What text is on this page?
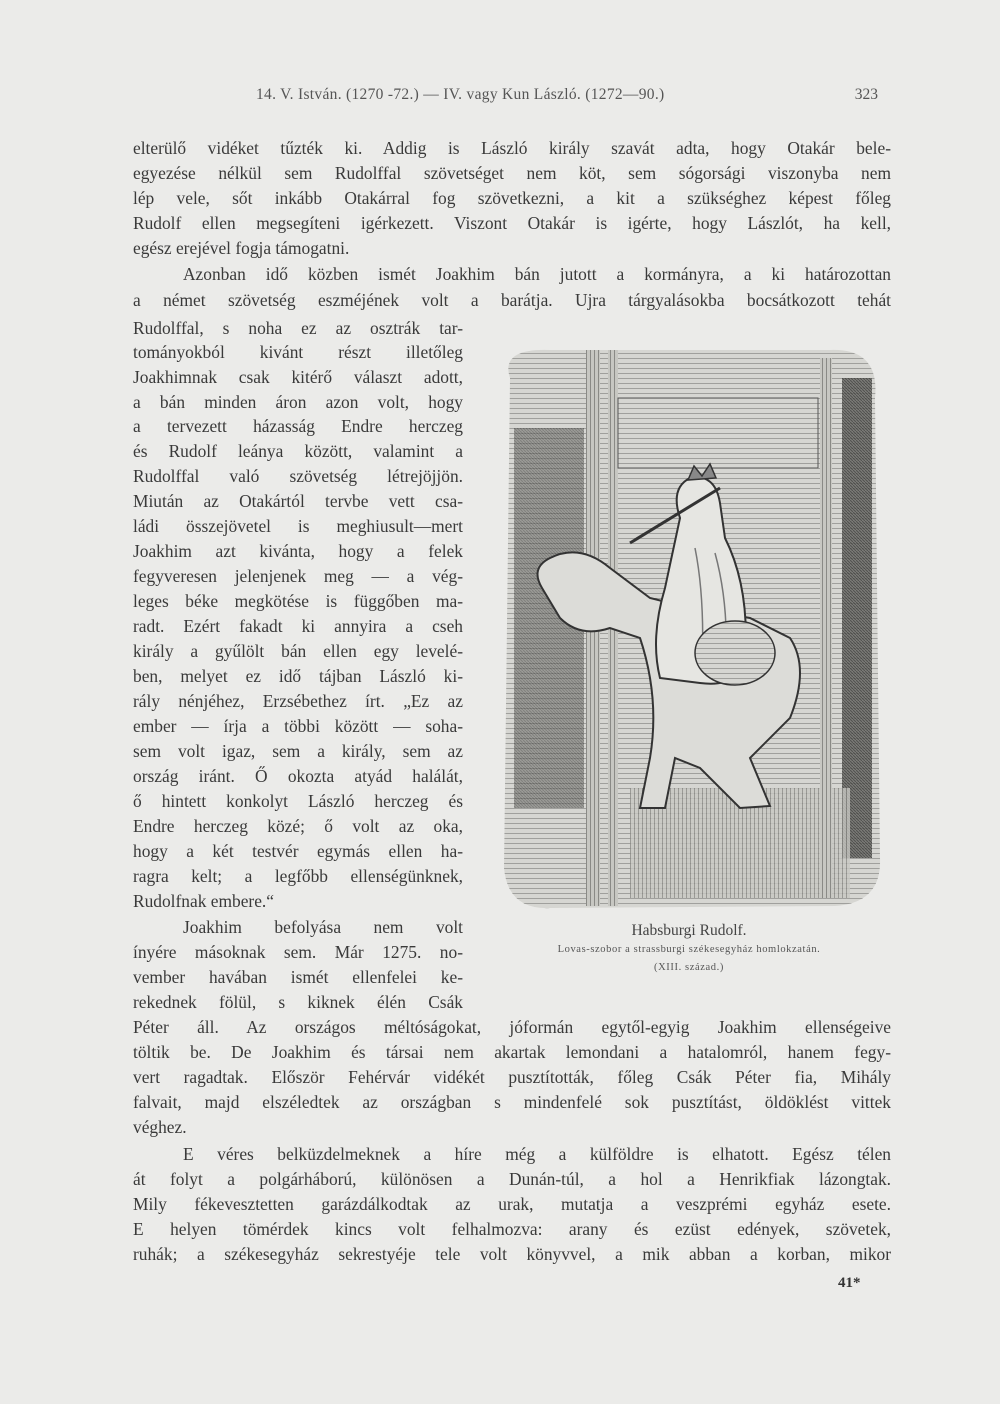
14. V. István. (1270 -72.) — IV. vagy Kun László. (1272—90.)	323
elterülő vidéket tűzték ki. Addig is László király szavát adta, hogy Otakár bele-
egyezése nélkül sem Rudolffal szövetséget nem köt, sem sógorsági viszonyba nem
lép vele, sőt inkább Otakárral fog szövetkezni, a kit a szükséghez képest főleg
Rudolf ellen megsegíteni igérkezett. Viszont Otakár is igérte, hogy Lászlót, ha kell,
egész erejével fogja támogatni.
Azonban idő közben ismét Joakhim bán jutott a kormányra, a ki határozottan
a német szövetség eszméjének volt a barátja. Ujra tárgyalásokba bocsátkozott tehát
Rudolffal, s noha ez az osztrák tar-
tományokból kivánt részt illetőleg
Joakhimnak csak kitérő választ adott,
a bán minden áron azon volt, hogy
a tervezett házasság Endre herczeg
és Rudolf leánya között, valamint a
Rudolffal való szövetség létrejöjjön.
Miután az Otakártól tervbe vett csa-
ládi összejövetel is meghiusult—mert
Joakhim azt kivánta, hogy a felek
fegyveresen jelenjenek meg — a vég-
leges béke megkötése is függőben ma-
radt. Ezért fakadt ki annyira a cseh
király a gyűlölt bán ellen egy levelé-
ben, melyet ez idő tájban László ki-
rály nénjéhez, Erzsébethez írt. „Ez az
ember — írja a többi között — soha-
sem volt igaz, sem a király, sem az
ország iránt. Ő okozta atyád halálát,
ő hintett konkolyt László herczeg és
Endre herczeg közé; ő volt az oka,
hogy a két testvér egymás ellen ha-
ragra kelt; a legfőbb ellenségünknek,
Rudolfnak embere.“
Joakhim befolyása nem volt
ínyére másoknak sem. Már 1275. no-
vember havában ismét ellenfelei ke-
rekednek fölül, s kiknek élén Csák
Péter áll. Az országos méltóságokat, jóformán egytől-egyig Joakhim ellenségeive
töltik be. De Joakhim és társai nem akartak lemondani a hatalomról, hanem fegy-
vert ragadtak. Először Fehérvár vidékét pusztították, főleg Csák Péter fia, Mihály
falvait, majd elszéledtek az országban s mindenfelé sok pusztítást, öldöklést vittek
véghez.
E véres belküzdelmeknek a híre még a külföldre is elhatott. Egész télen
át folyt a polgárháború, különösen a Dunán-túl, a hol a Henrikfiak lázongtak.
Mily fékevesztetten garázdálkodtak az urak, mutatja a veszprémi egyház esete.
E helyen tömérdek kincs volt felhalmozva: arany és ezüst edények, szövetek,
ruhák; a székesegyház sekrestyéje tele volt könyvvel, a mik abban a korban, mikor
Habsburgi Rudolf.
Lovas-szobor a strassburgi székesegyház homlokzatán.
(XIII. század.)
41*
